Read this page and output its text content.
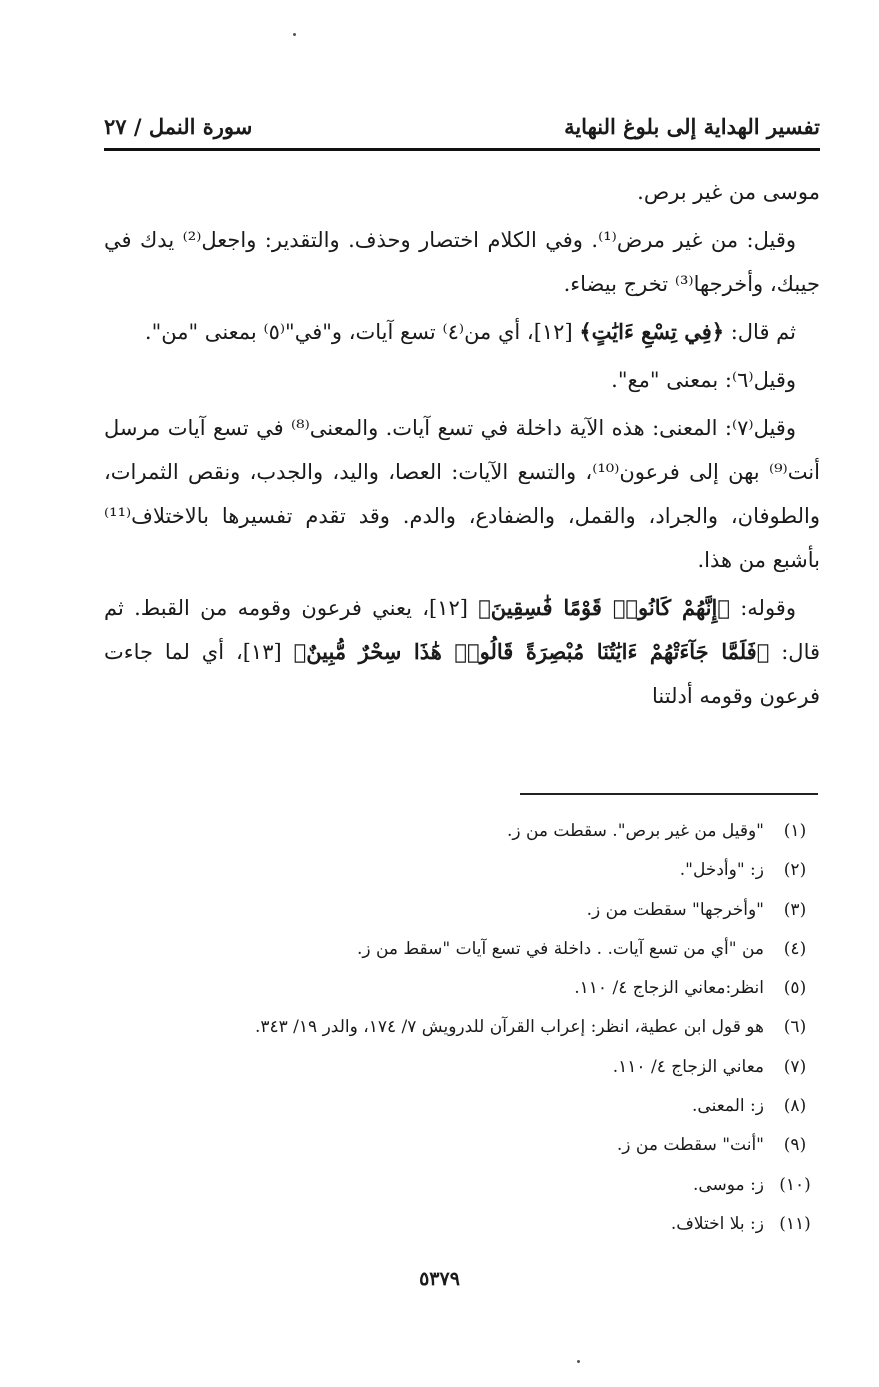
تفسير الهداية إلى بلوغ النهاية
سورة النمل / ٢٧

موسى من غير برص.

وقيل: من غير مرض⁽¹⁾. وفي الكلام اختصار وحذف. والتقدير: واجعل⁽²⁾ يدك في جيبك، وأخرجها⁽³⁾ تخرج بيضاء.

ثم قال: ﴿فِي تِسْعِ ءَايَٰتٍ﴾ [١٢]، أي من⁽٤⁾ تسع آيات، و"في"⁽٥⁾ بمعنى "من".

وقيل⁽٦⁾: بمعنى "مع".

وقيل⁽٧⁾: المعنى: هذه الآية داخلة في تسع آيات. والمعنى⁽⁸⁾ في تسع آيات مرسل أنت⁽⁹⁾ بهن إلى فرعون⁽¹⁰⁾، والتسع الآيات: العصا، واليد، والجدب، ونقص الثمرات، والطوفان، والجراد، والقمل، والضفادع، والدم. وقد تقدم تفسيرها بالاختلاف⁽¹¹⁾ بأشبع من هذا.

وقوله: ﴿إِنَّهُمْ كَانُوا۟ قَوْمًا فَٰسِقِينَ﴾ [١٢]، يعني فرعون وقومه من القبط. ثم قال: ﴿فَلَمَّا جَآءَتْهُمْ ءَايَٰتُنَا مُبْصِرَةً قَالُوا۟ هَٰذَا سِحْرٌ مُّبِينٌ﴾ [١٣]، أي لما جاءت فرعون وقومه أدلتنا

(١)
"وقيل من غير برص". سقطت من ز.
(٢)
ز: "وأدخل".
(٣)
"وأخرجها" سقطت من ز.
(٤)
من "أي من تسع آيات. . داخلة في تسع آيات "سقط من ز.
(٥)
انظر:معاني الزجاج ٤/ ١١٠.
(٦)
هو قول ابن عطية، انظر: إعراب القرآن للدرويش ٧/ ١٧٤، والدر ١٩/ ٣٤٣.
(٧)
معاني الزجاج ٤/ ١١٠.
(٨)
ز: المعنى.
(٩)
"أنت" سقطت من ز.
(١٠)
ز: موسى.
(١١)
ز: بلا اختلاف.
٥٣٧٩
